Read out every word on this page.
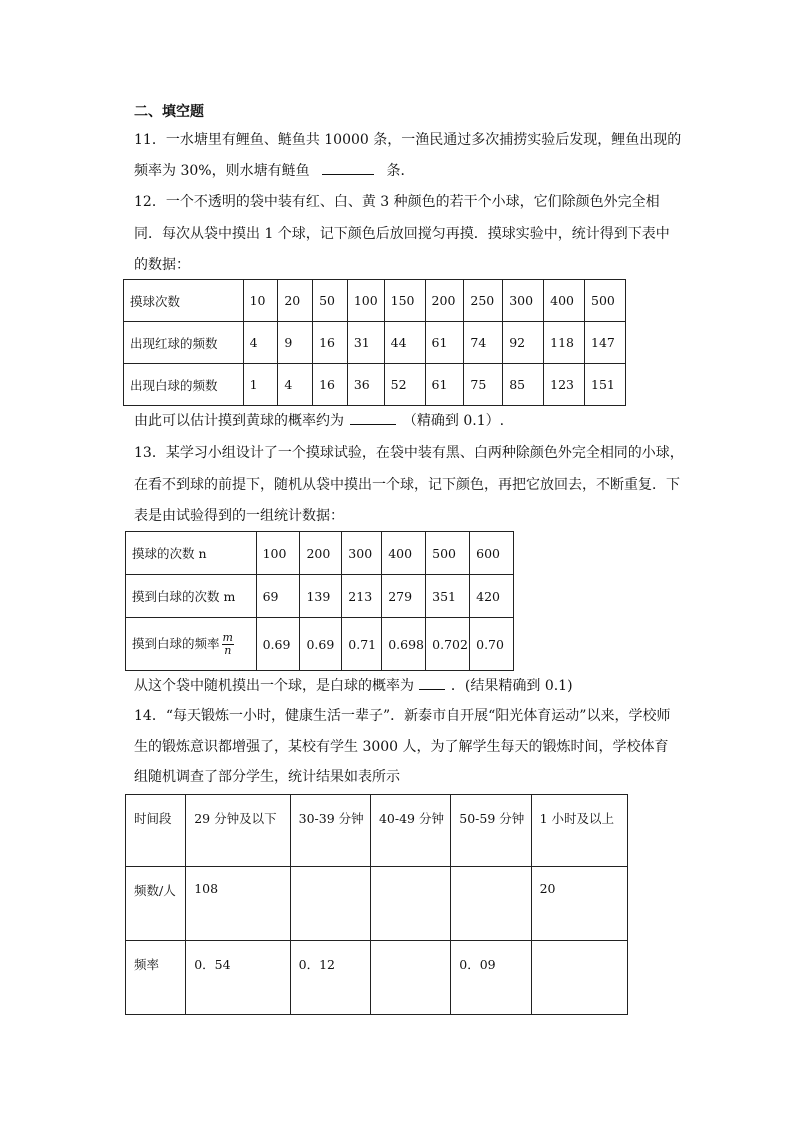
二、填空题
11．一水塘里有鲤鱼、鲢鱼共 10000 条，一渔民通过多次捕捞实验后发现，鲤鱼出现的
频率为 30%，则水塘有鲢鱼	条．
12．一个不透明的袋中装有红、白、黄 3 种颜色的若干个小球，它们除颜色外完全相
同．每次从袋中摸出 1 个球，记下颜色后放回搅匀再摸．摸球实验中，统计得到下表中
的数据：
摸球次数	10	20	50	100	150	200	250	300	400	500
出现红球的频数	4	9	16	31	44	61	74	92	118	147
出现白球的频数	1	4	16	36	52	61	75	85	123	151
由此可以估计摸到黄球的概率约为	（精确到 0.1）.
13．某学习小组设计了一个摸球试验，在袋中装有黑、白两种除颜色外完全相同的小球，
在看不到球的前提下，随机从袋中摸出一个球，记下颜色，再把它放回去，不断重复．下
表是由试验得到的一组统计数据：
摸球的次数 n	100	200	300	400	500	600
摸到白球的次数 m	69	139	213	279	351	420
摸到白球的频率 $\frac{m}{n}$	0.69	0.69	0.71	0.698	0.702	0.70
从这个袋中随机摸出一个球，是白球的概率为	．(结果精确到 0.1)
14．“每天锻炼一小时，健康生活一辈子”．新泰市自开展“阳光体育运动”以来，学校师
生的锻炼意识都增强了，某校有学生 3000 人，为了解学生每天的锻炼时间，学校体育
组随机调查了部分学生，统计结果如表所示
时间段	29 分钟及以下	30-39 分钟	40-49 分钟	50-59 分钟	1 小时及以上
频数/人	108				20
频率	0．54	0．12		0．09	
